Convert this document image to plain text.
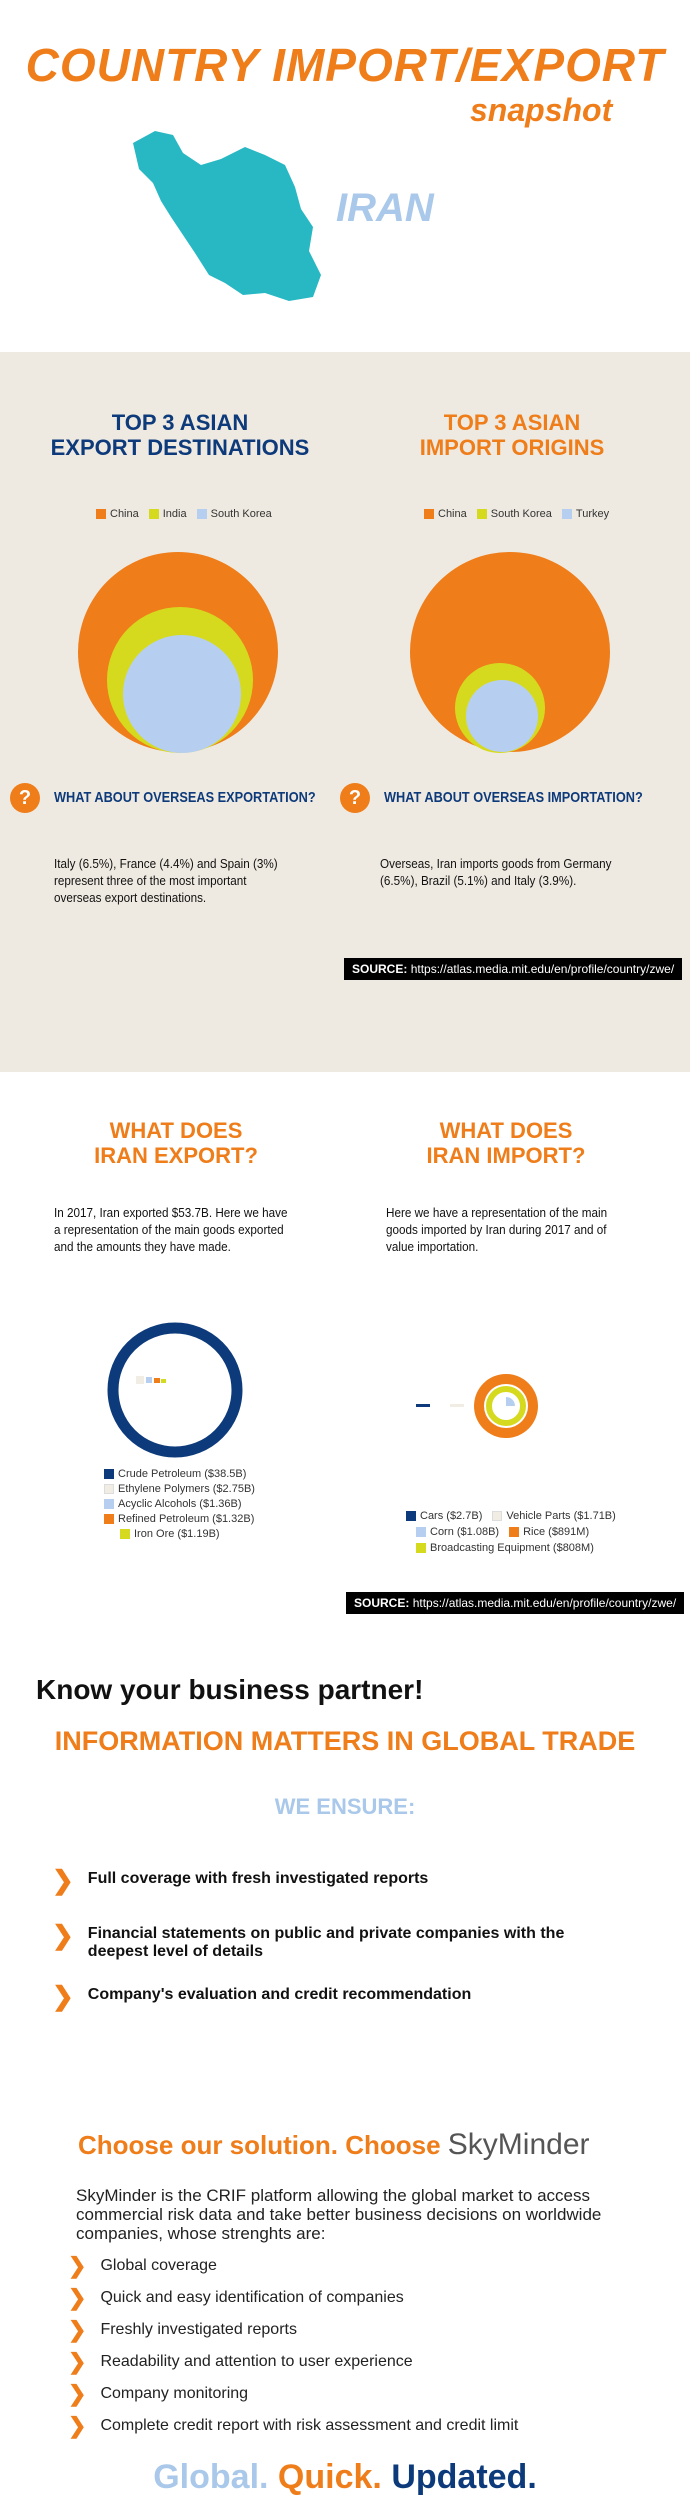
COUNTRY IMPORT/EXPORT
snapshot
IRAN
TOP 3 ASIAN
EXPORT DESTINATIONS
China India South Korea
TOP 3 ASIAN
IMPORT ORIGINS
China South Korea Turkey
?	WHAT ABOUT OVERSEAS EXPORTATION?	?	WHAT ABOUT OVERSEAS IMPORTATION?
Italy (6.5%), France (4.4%) and Spain (3%) represent three of the most important overseas export destinations.
Overseas, Iran imports goods from Germany (6.5%), Brazil (5.1%) and Italy (3.9%).
SOURCE: https://atlas.media.mit.edu/en/profile/country/zwe/
WHAT DOES
IRAN EXPORT?
In 2017, Iran exported $53.7B. Here we have a representation of the main goods exported and the amounts they have made.
Crude Petroleum ($38.5B)
Ethylene Polymers ($2.75B)
Acyclic Alcohols ($1.36B)
Refined Petroleum ($1.32B)
Iron Ore ($1.19B)
WHAT DOES
IRAN IMPORT?
Here we have a representation of the main goods imported by Iran during 2017 and of value importation.
Cars ($2.7B) Vehicle Parts ($1.71B)
Corn ($1.08B) Rice ($891M)
Broadcasting Equipment ($808M)
SOURCE: https://atlas.media.mit.edu/en/profile/country/zwe/
Know your business partner!
INFORMATION MATTERS IN GLOBAL TRADE
WE ENSURE:
❯ Full coverage with fresh investigated reports
❯ Financial statements on public and private companies with the deepest level of details
❯ Company's evaluation and credit recommendation
Choose our solution. Choose SkyMinder
SkyMinder is the CRIF platform allowing the global market to access commercial risk data and take better business decisions on worldwide companies, whose strenghts are:
❯ Global coverage
❯ Quick and easy identification of companies
❯ Freshly investigated reports
❯ Readability and attention to user experience
❯ Company monitoring
❯ Complete credit report with risk assessment and credit limit
Global. Quick. Updated.
